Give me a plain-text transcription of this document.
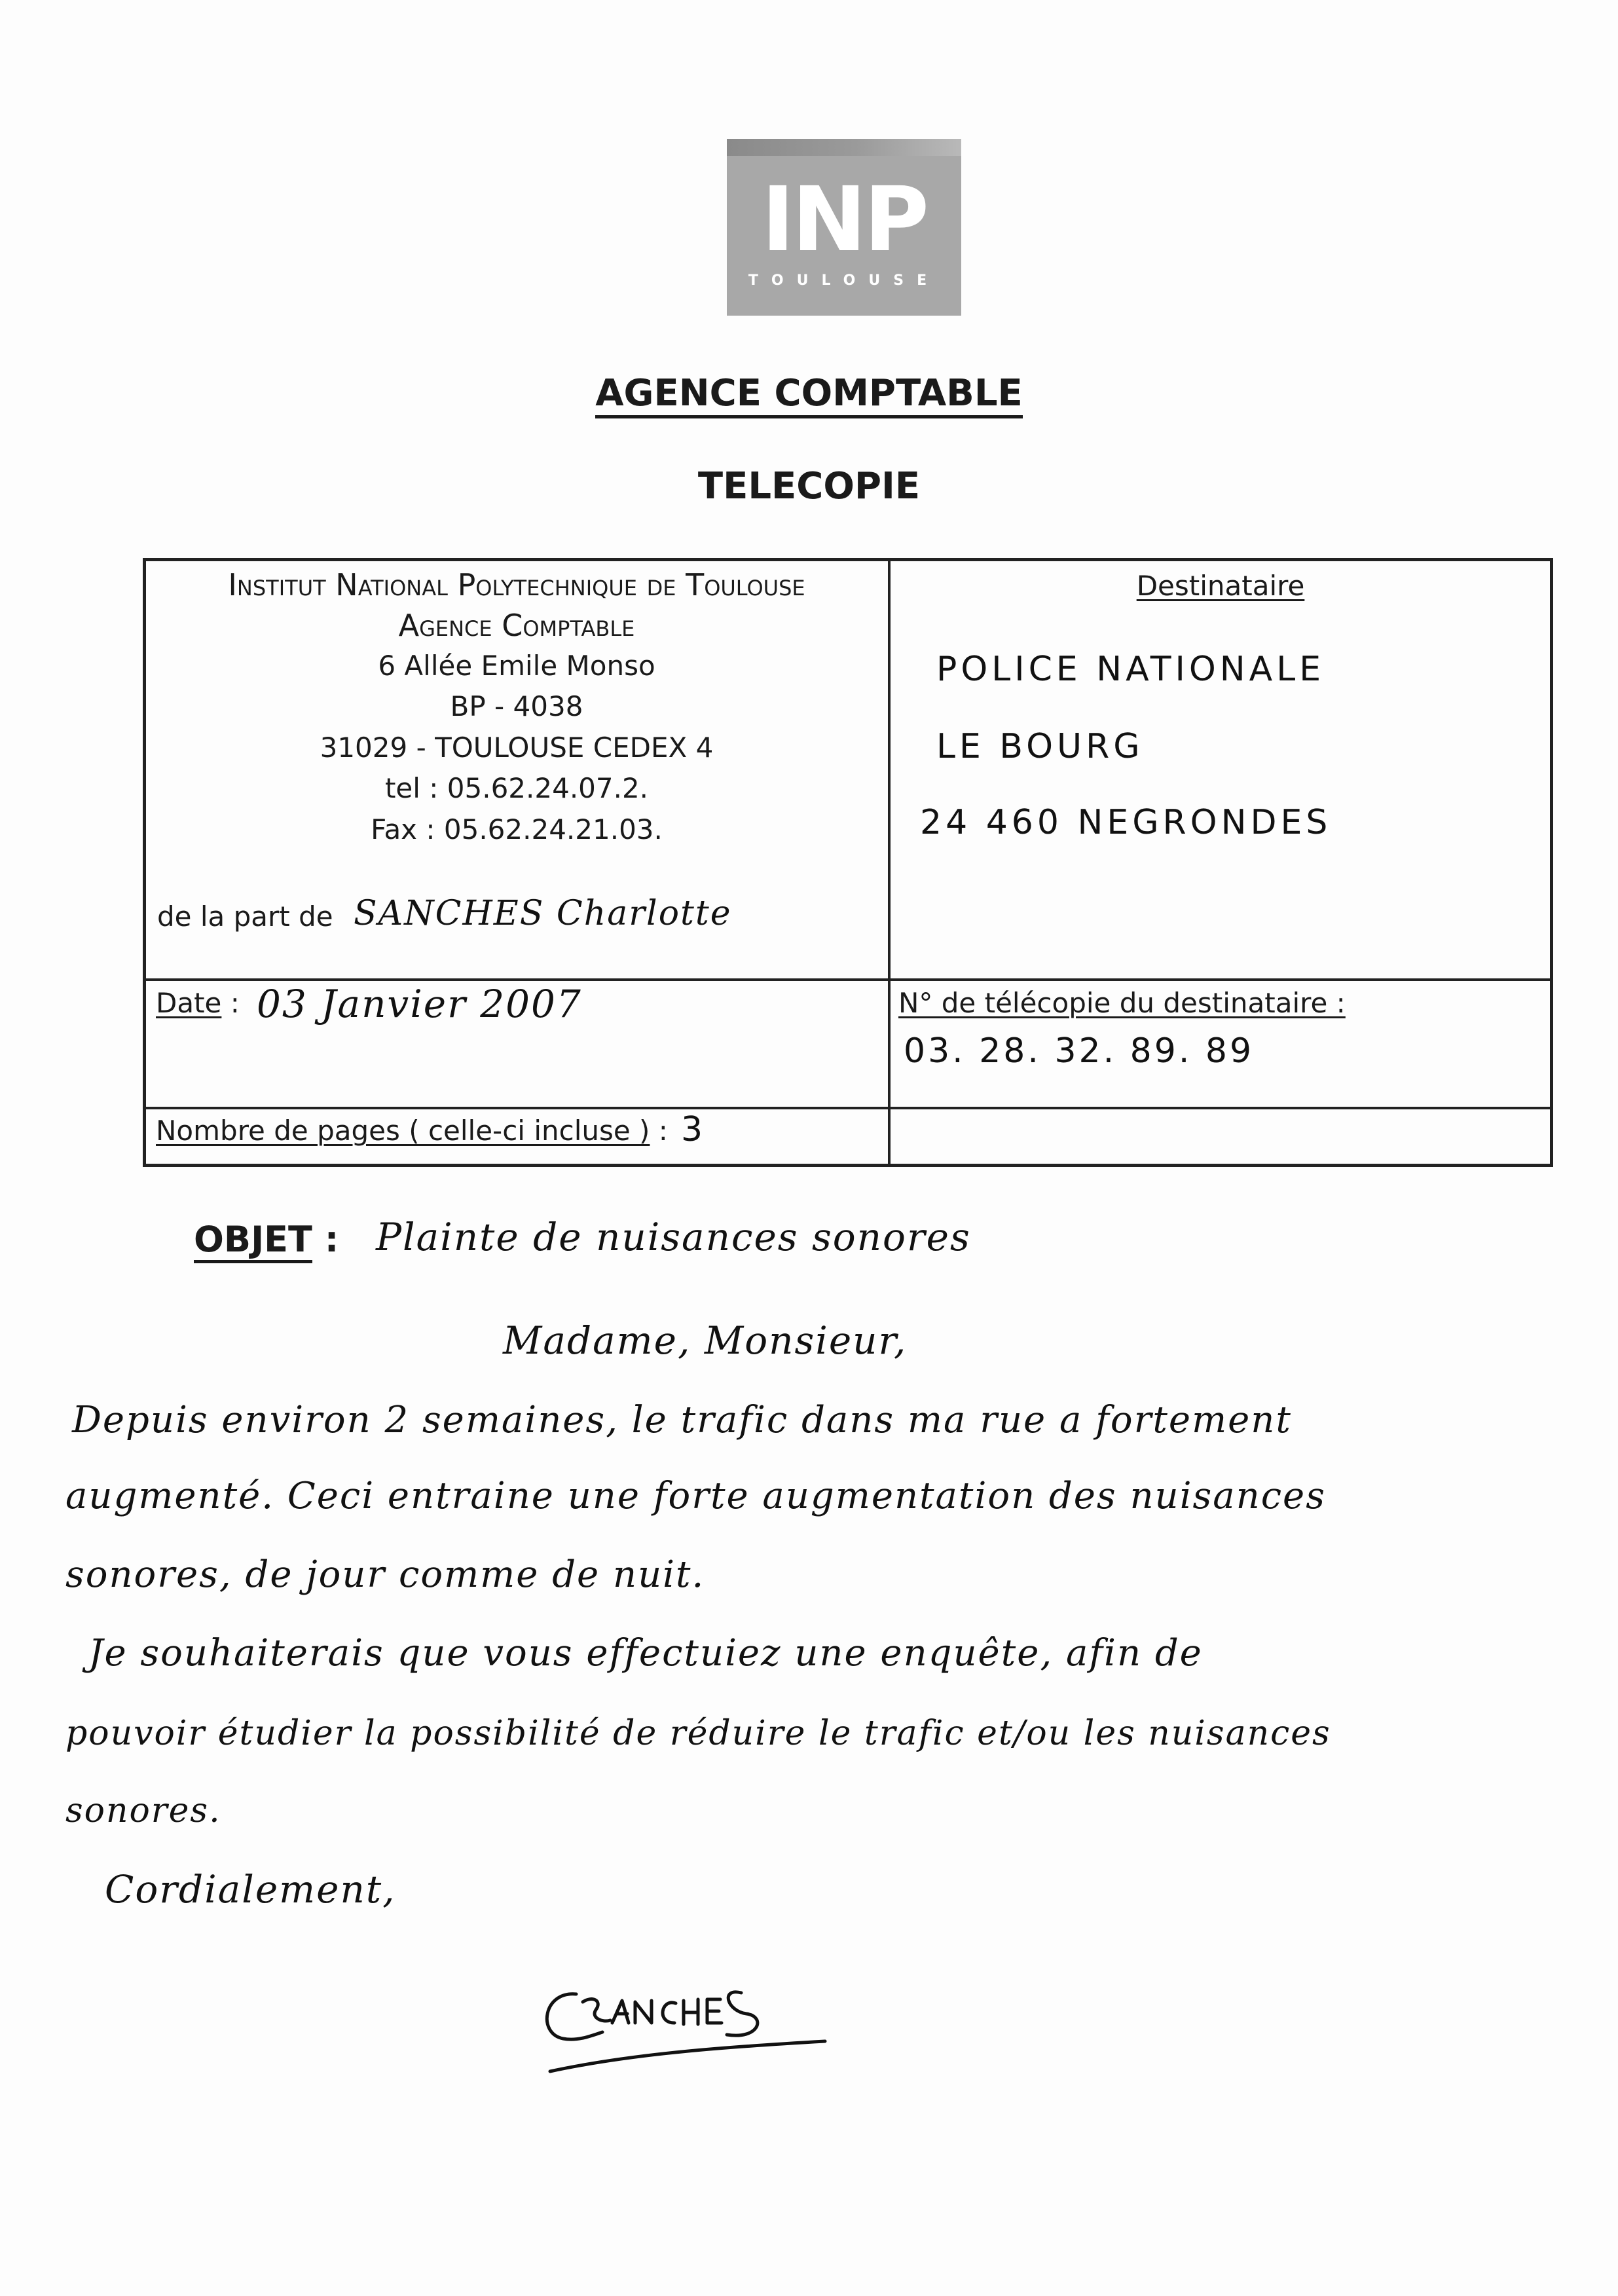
INP
TOULOUSE
AGENCE COMPTABLE
TELECOPIE
Institut National Polytechnique de Toulouse
Agence Comptable
6 Allée Emile Monso
BP - 4038
31029 - TOULOUSE CEDEX 4
tel : 05.62.24.07.2.
Fax : 05.62.24.21.03.
de la part de SANCHES Charlotte
Destinataire
POLICE NATIONALE
LE BOURG
24 460 NEGRONDES
Date : 03 Janvier 2007	N° de télécopie du destinataire :
03. 28. 32. 89. 89
Nombre de pages ( celle-ci incluse ) : 3
OBJET : Plainte de nuisances sonores
Madame, Monsieur,
Depuis environ 2 semaines, le trafic dans ma rue a fortement
augmenté. Ceci entraine une forte augmentation des nuisances
sonores, de jour comme de nuit.
Je souhaiterais que vous effectuiez une enquête, afin de
pouvoir étudier la possibilité de réduire le trafic et/ou les nuisances
sonores.
Cordialement,
